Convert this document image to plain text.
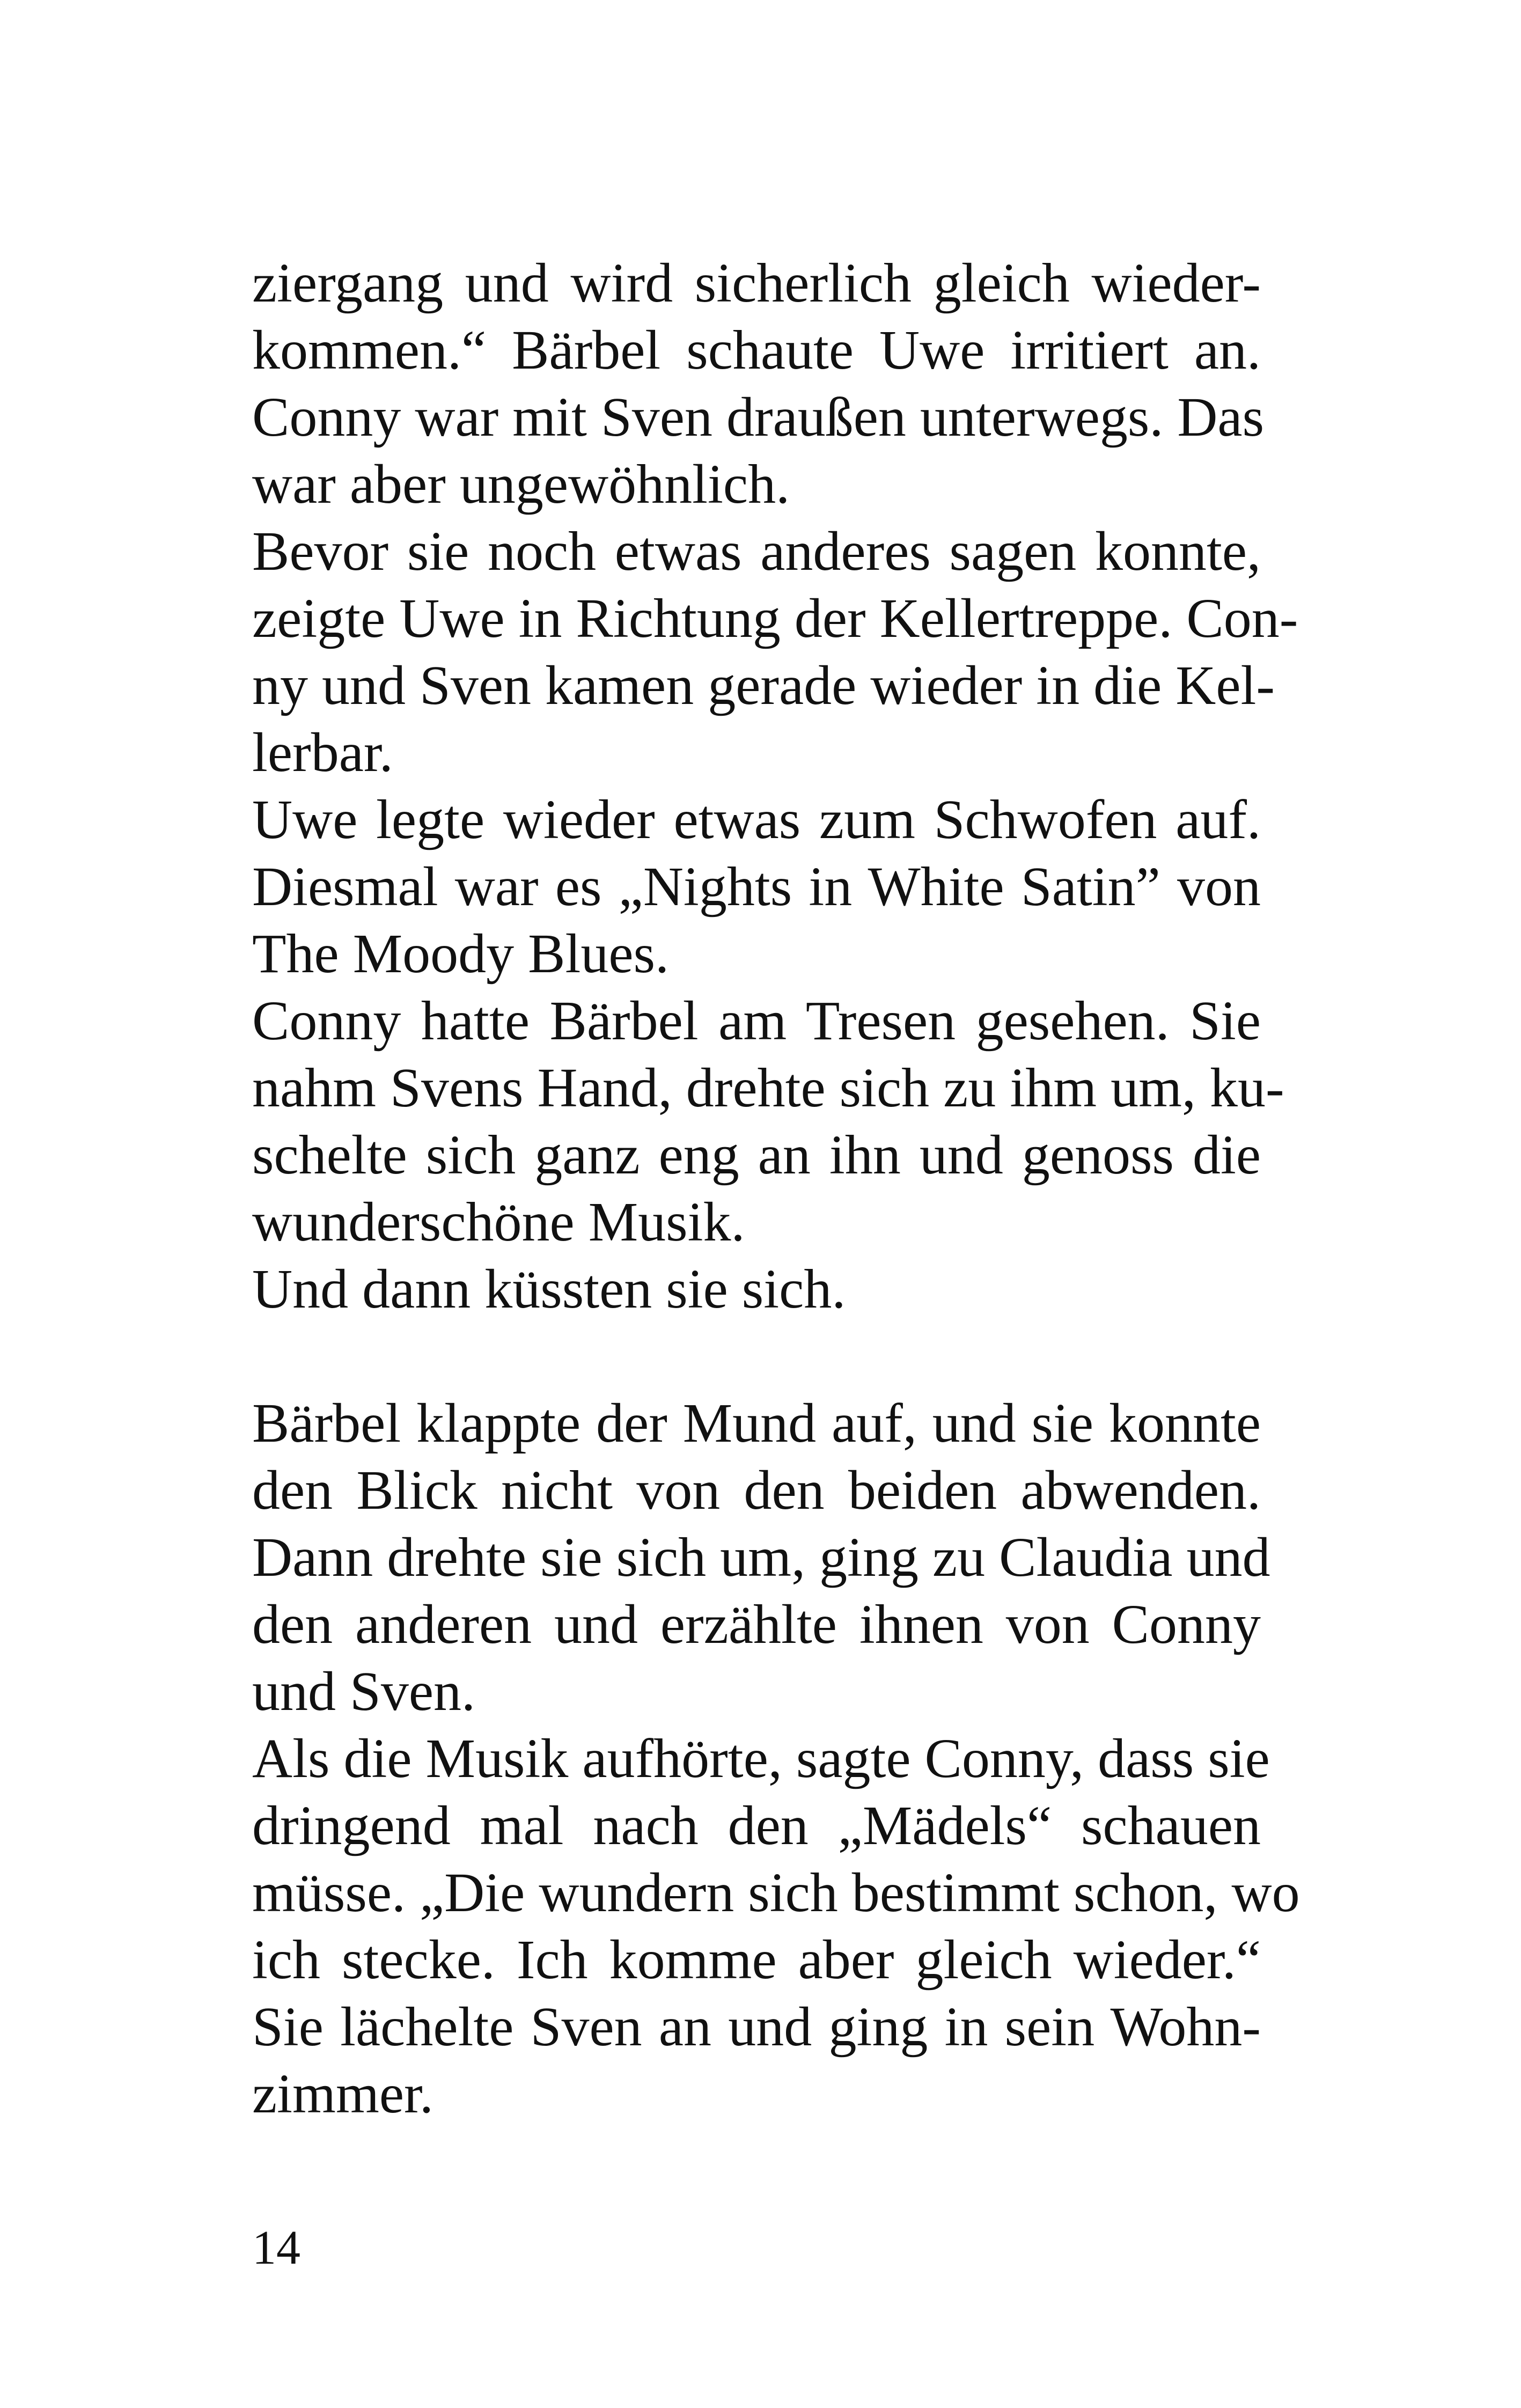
ziergang und wird sicherlich gleich wieder-
kommen.“ Bärbel schaute Uwe irritiert an.
Conny war mit Sven draußen unterwegs. Das
war aber ungewöhnlich.
Bevor sie noch etwas anderes sagen konnte,
zeigte Uwe in Richtung der Kellertreppe. Con-
ny und Sven kamen gerade wieder in die Kel-
lerbar.
Uwe legte wieder etwas zum Schwofen auf.
Diesmal war es „Nights in White Satin” von
The Moody Blues.
Conny hatte Bärbel am Tresen gesehen. Sie
nahm Svens Hand, drehte sich zu ihm um, ku-
schelte sich ganz eng an ihn und genoss die
wunderschöne Musik.
Und dann küssten sie sich.
Bärbel klappte der Mund auf, und sie konnte
den Blick nicht von den beiden abwenden.
Dann drehte sie sich um, ging zu Claudia und
den anderen und erzählte ihnen von Conny
und Sven.
Als die Musik aufhörte, sagte Conny, dass sie
dringend mal nach den „Mädels“ schauen
müsse. „Die wundern sich bestimmt schon, wo
ich stecke. Ich komme aber gleich wieder.“
Sie lächelte Sven an und ging in sein Wohn-
zimmer.
14
